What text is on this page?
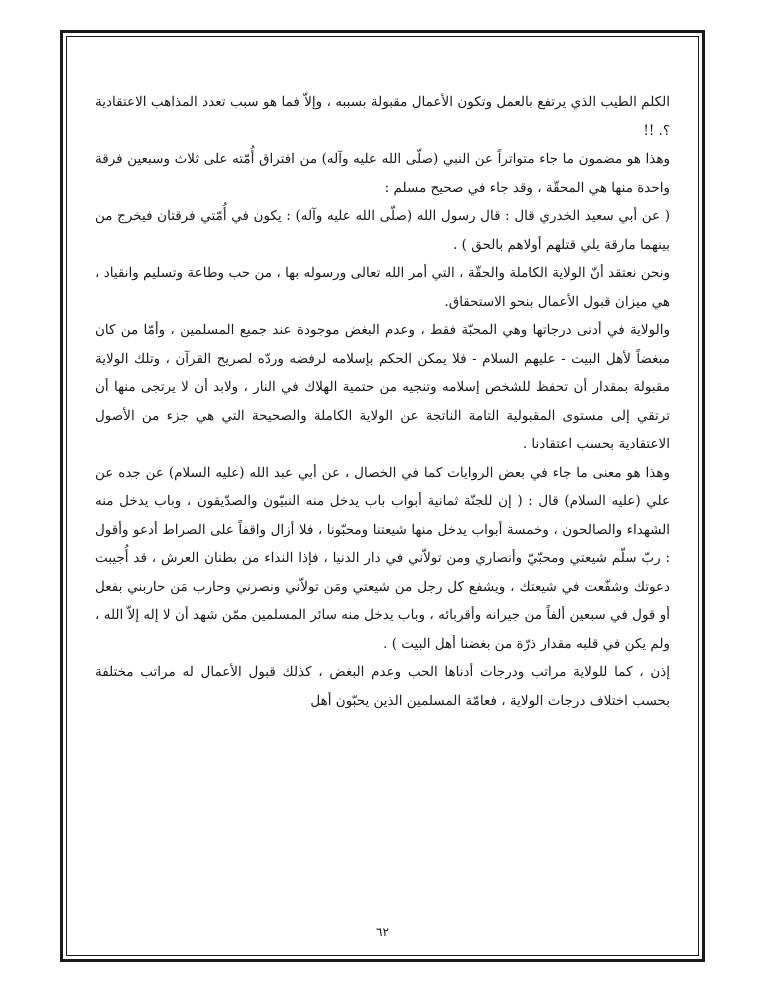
الكلم الطيب الذي يرتفع بالعمل وتكون الأعمال مقبولة بسببه ، وإلاّ فما هو سبب تعدد المذاهب الاعتقادية ؟. !!

وهذا هو مضمون ما جاء متواتراً عن النبي (صلّى الله عليه وآله) من افتراق أُمّته على ثلاث وسبعين فرقة واحدة منها هي المحقّة ، وقد جاء في صحيح مسلم :

( عن أبي سعيد الخدري قال : قال رسول الله (صلّى الله عليه وآله) : يكون في أُمّتي فرقتان فيخرج من بينهما مارقة يلي قتلهم أولاهم بالحق ) .

ونحن نعتقد أنّ الولاية الكاملة والحقّة ، التي أمر الله تعالى ورسوله بها ، من حب وطاعة وتسليم وانقياد ، هي ميزان قبول الأعمال بنحو الاستحقاق.

والولاية في أدنى درجاتها وهي المحبّة فقط ، وعدم البغض موجودة عند جميع المسلمين ، وأمّا من كان مبغضاً لأهل البيت - عليهم السلام - فلا يمكن الحكم بإسلامه لرفضه وردّه لصريح القرآن ، وتلك الولاية مقبولة بمقدار أن تحفظ للشخص إسلامه وتنجيه من حتمية الهلاك في النار ، ولابد أن لا يرتجى منها أن ترتقي إلى مستوى المقبولية التامة الناتجة عن الولاية الكاملة والصحيحة التي هي جزء من الأصول الاعتقادية بحسب اعتقادنا .

وهذا هو معنى ما جاء في بعض الروايات كما في الخصال ، عن أبي عبد الله (عليه السلام) عن جده عن علي (عليه السلام) قال : ( إن للجنّة ثمانية أبواب باب يدخل منه النبيّون والصدّيقون ، وباب يدخل منه الشهداء والصالحون ، وخمسة أبواب يدخل منها شيعتنا ومحبّونا ، فلا أزال واقفاً على الصراط أدعو وأقول : ربّ سلّم شيعتي ومحبّيّ وأنصاري ومن تولاّني في دار الدنيا ، فإذا النداء من بطنان العرش ، قد أُجيبت دعوتك وشفّعت في شيعتك ، ويشفع كل رجل من شيعتي ومَن تولاّني ونصرني وحارب مَن حاربني بفعل أو قول في سبعين ألفاً من جيرانه وأقربائه ، وباب يدخل منه سائر المسلمين ممّن شهد أن لا إله إلاّ الله ، ولم يكن في قلبه مقدار ذرّة من بغضنا أهل البيت ) .

إذن ، كما للولاية مراتب ودرجات أدناها الحب وعدم البغض ، كذلك قبول الأعمال له مراتب مختلفة بحسب اختلاف درجات الولاية ، فعامّة المسلمين الذين يحبّون أهل

٦٢
